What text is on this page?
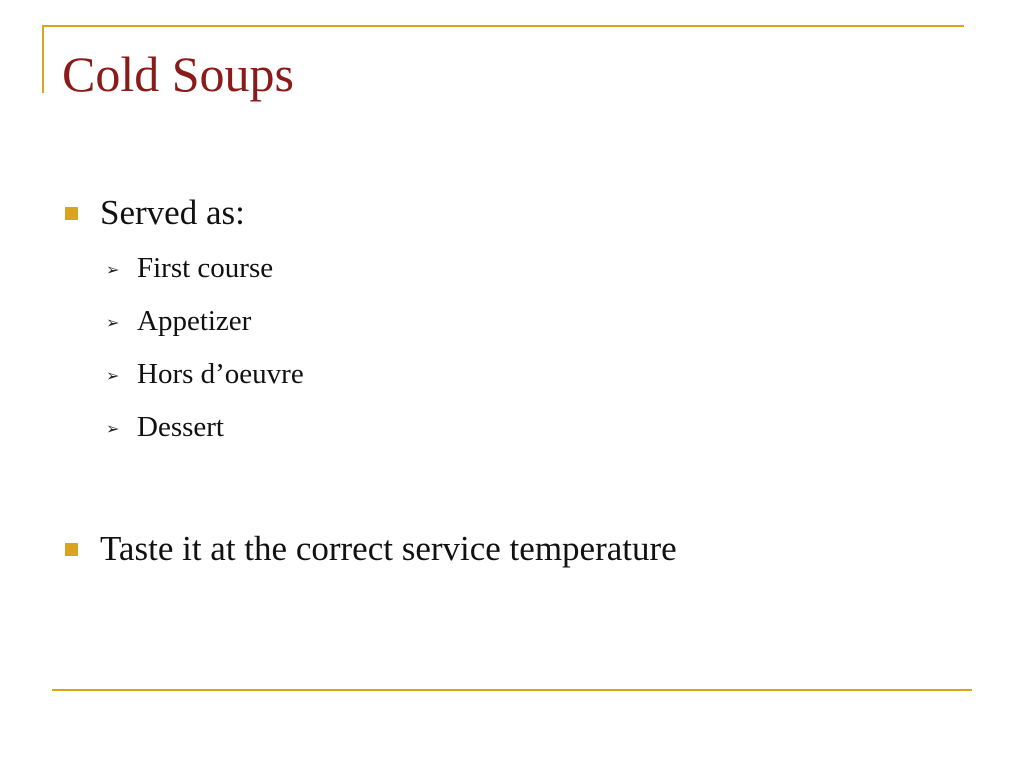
Cold Soups
Served as:
➢ First course
➢ Appetizer
➢ Hors d’oeuvre
➢ Dessert
Taste it at the correct service temperature
